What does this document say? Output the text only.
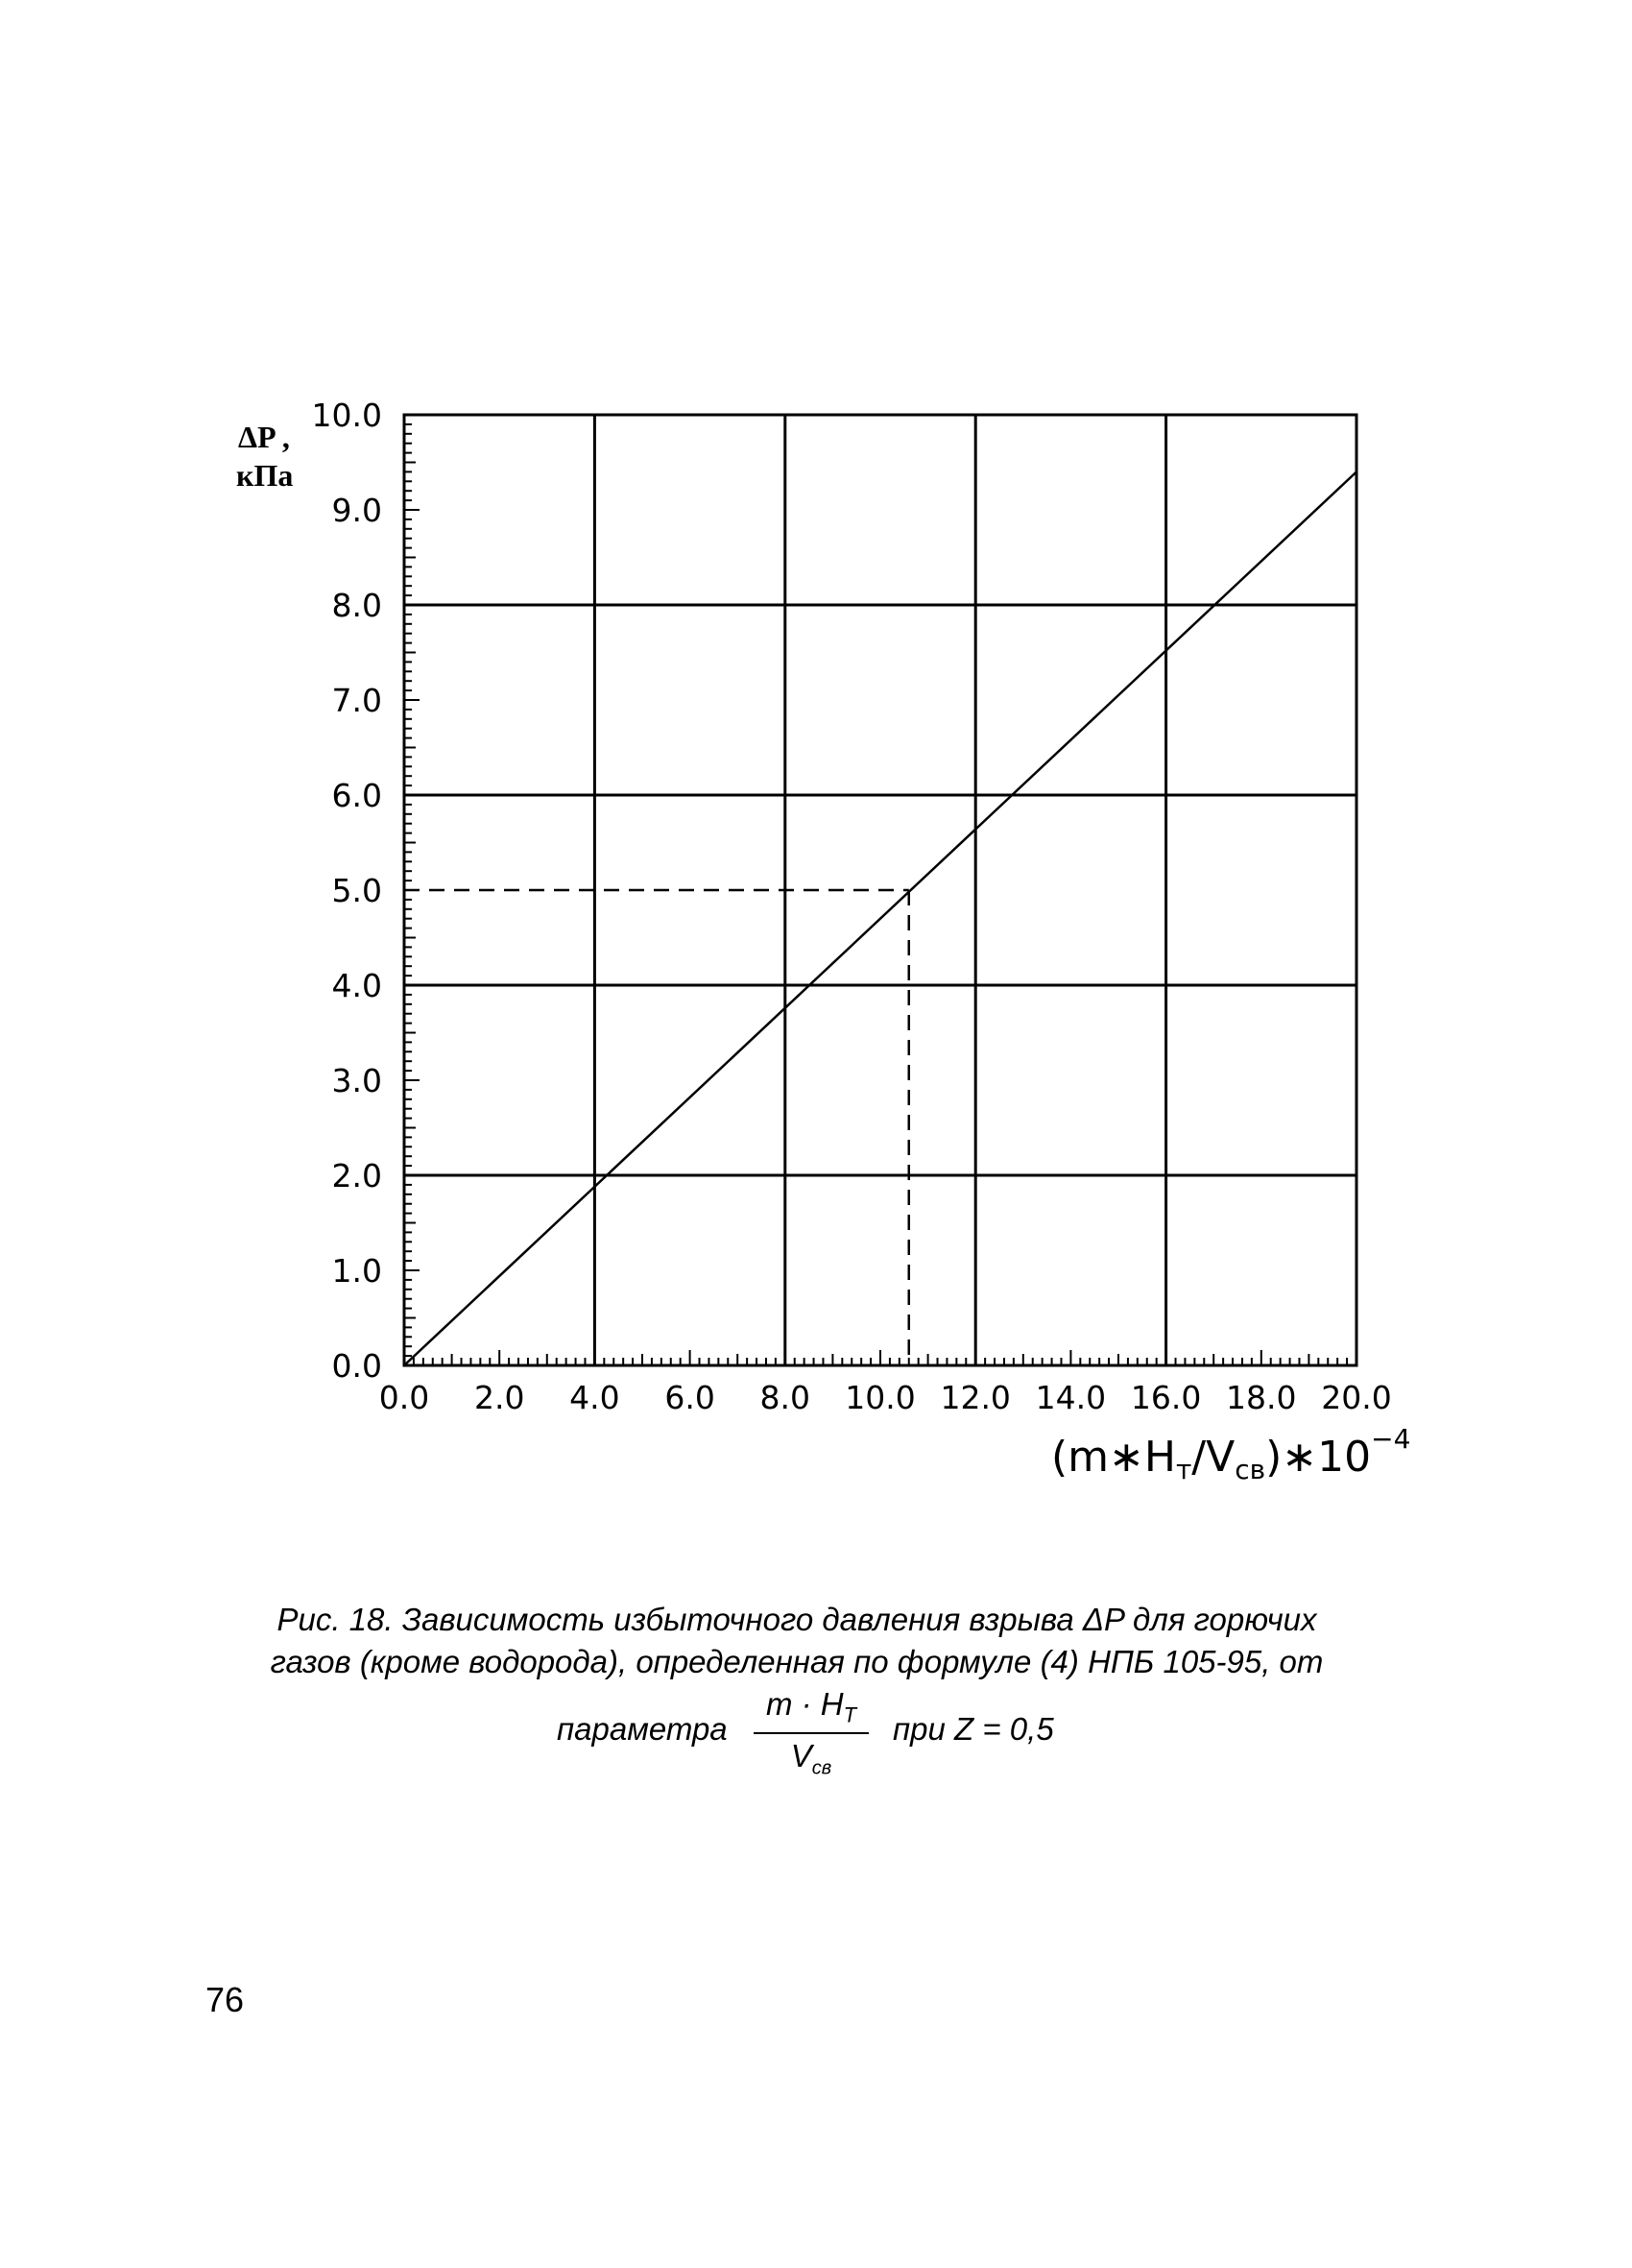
0.0
1.0
2.0
3.0
4.0
5.0
6.0
7.0
8.0
9.0
10.0
0.0 2.0 4.0 6.0 8.0 10.0 12.0 14.0 16.0 18.0 20.0
ΔP ,
кПа
$(m∗Hт/Vсв)∗10^{-4}$
Рис. 18. Зависимость избыточного давления взрыва ΔP для горючих
газов (кроме водорода), определенная по формуле (4) НПБ 105-95, от
параметра
$m \cdot H_T$
$V_{св}$
при Z = 0,5
76
